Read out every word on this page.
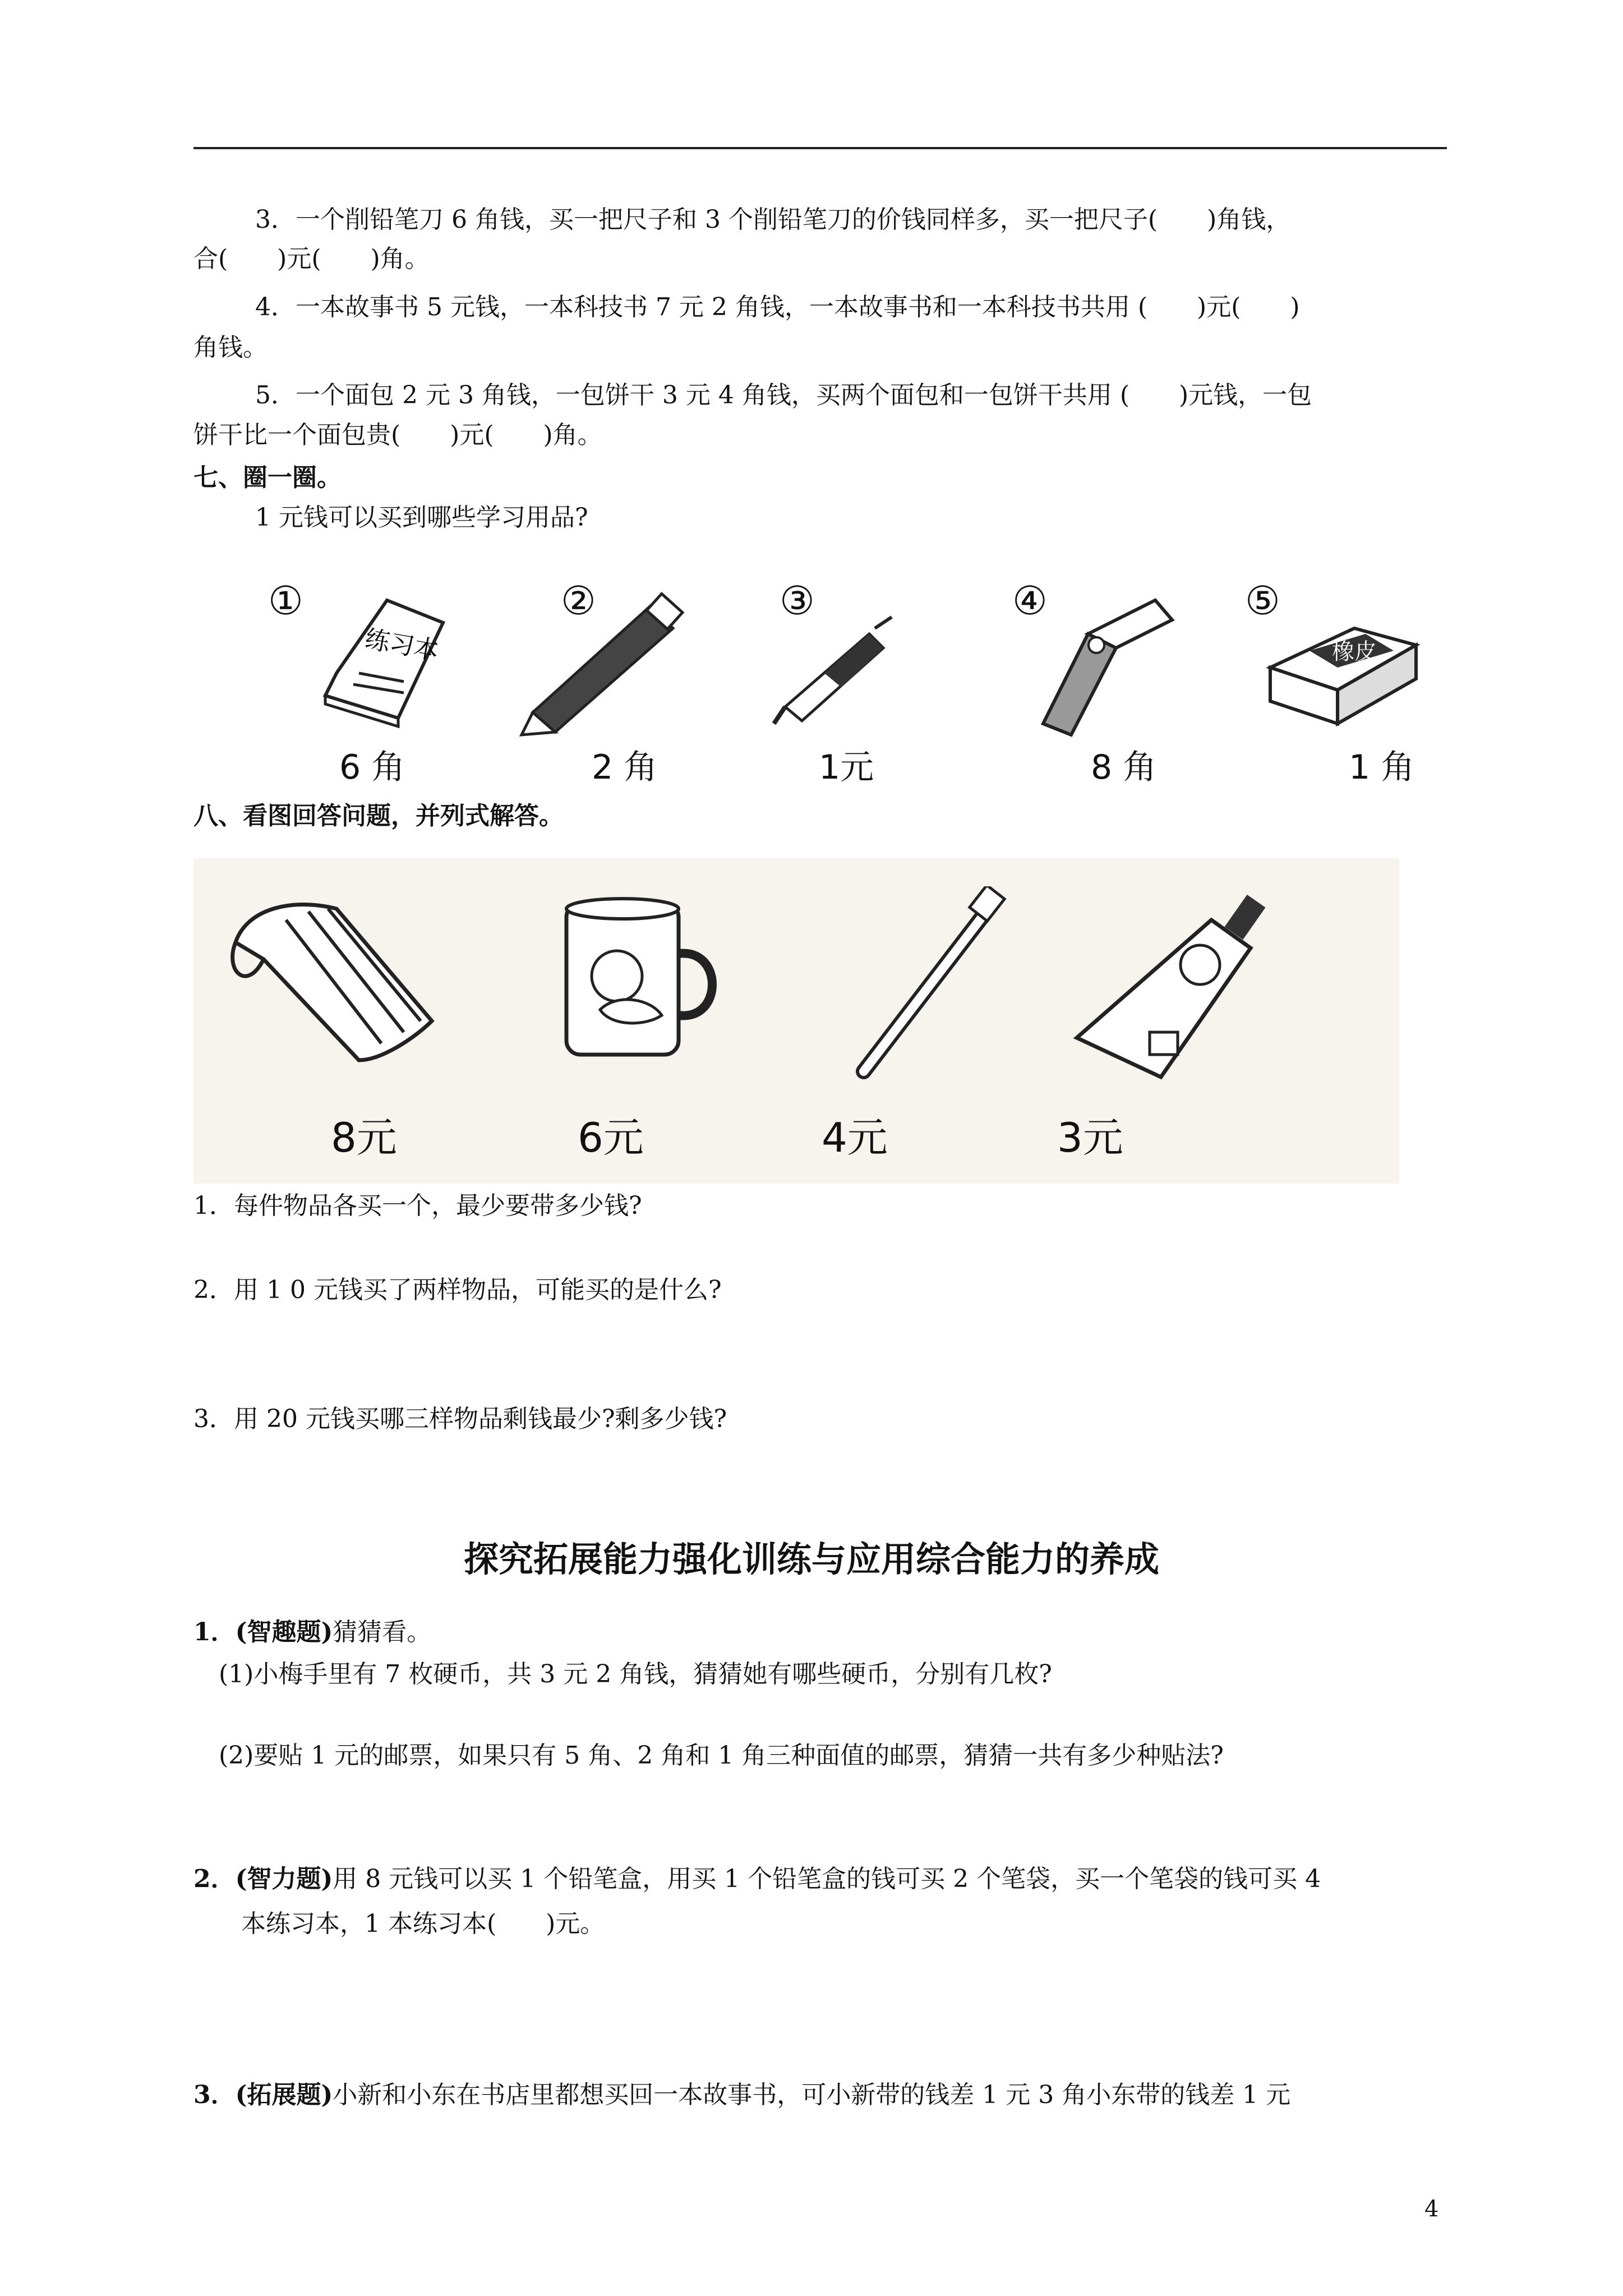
3．一个削铅笔刀 6 角钱，买一把尺子和 3 个削铅笔刀的价钱同样多，买一把尺子(　　)角钱，
合(　　)元(　　)角。
4．一本故事书 5 元钱，一本科技书 7 元 2 角钱，一本故事书和一本科技书共用 (　　)元(　　)
角钱。
5．一个面包 2 元 3 角钱，一包饼干 3 元 4 角钱，买两个面包和一包饼干共用 (　　)元钱，一包
饼干比一个面包贵(　　)元(　　)角。
七、圈一圈。
1 元钱可以买到哪些学习用品?
①	②	③	④	⑤
练习本	橡皮
6 角	2 角	1元	8 角	1 角
八、看图回答问题，并列式解答。
8元	6元	4元	3元
1．每件物品各买一个，最少要带多少钱?
2．用 1 0 元钱买了两样物品，可能买的是什么?
3．用 20 元钱买哪三样物品剩钱最少?剩多少钱?
探究拓展能力强化训练与应用综合能力的养成
1．(智趣题)猜猜看。
(1)小梅手里有 7 枚硬币，共 3 元 2 角钱，猜猜她有哪些硬币，分别有几枚?
(2)要贴 1 元的邮票，如果只有 5 角、2 角和 1 角三种面值的邮票，猜猜一共有多少种贴法?
2．(智力题)用 8 元钱可以买 1 个铅笔盒，用买 1 个铅笔盒的钱可买 2 个笔袋，买一个笔袋的钱可买 4
本练习本，1 本练习本(　　)元。
3．(拓展题)小新和小东在书店里都想买回一本故事书，可小新带的钱差 1 元 3 角小东带的钱差 1 元
4
